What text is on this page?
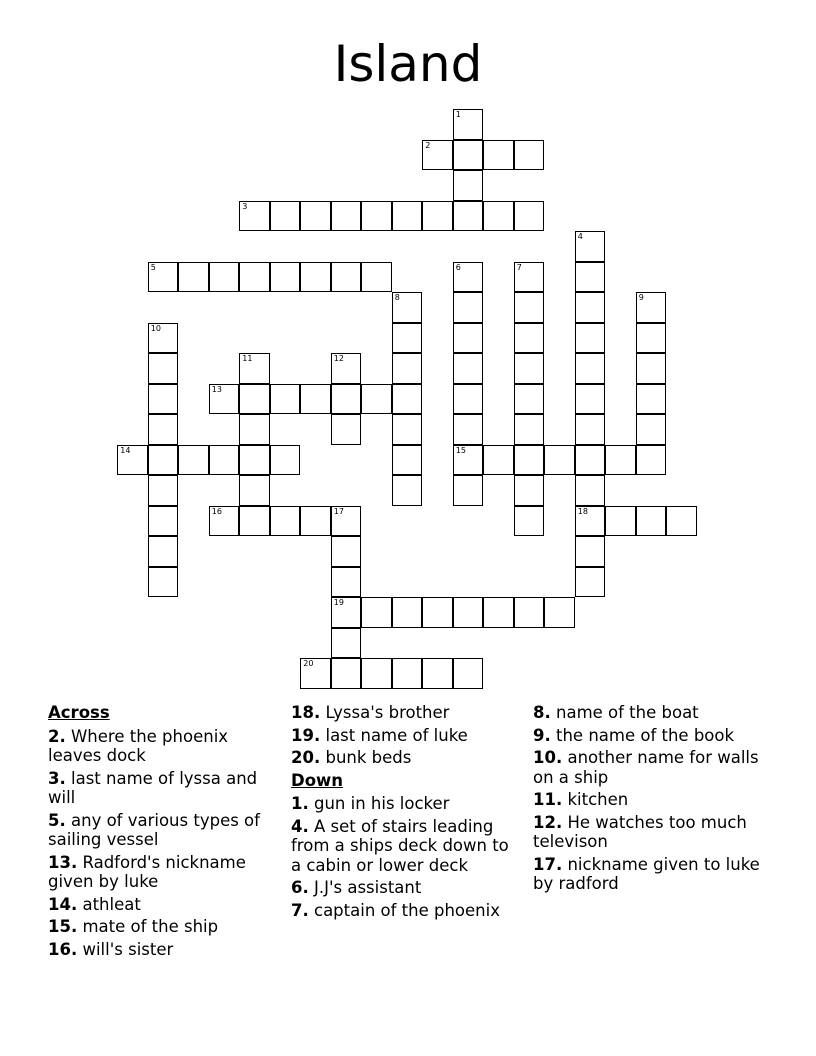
Island
1
2
3
4
18
5	6
15
7
8	9
10
11	12
13
14
16	17
19
20
Across
2. Where the phoenix leaves dock
3. last name of lyssa and will
5. any of various types of sailing vessel
13. Radford's nickname given by luke
14. athleat
15. mate of the ship
16. will's sister
18. Lyssa's brother
19. last name of luke
20. bunk beds
Down
1. gun in his locker
4. A set of stairs leading from a ships deck down to a cabin or lower deck
6. J.J's assistant
7. captain of the phoenix
8. name of the boat
9. the name of the book
10. another name for walls on a ship
11. kitchen
12. He watches too much televison
17. nickname given to luke by radford
